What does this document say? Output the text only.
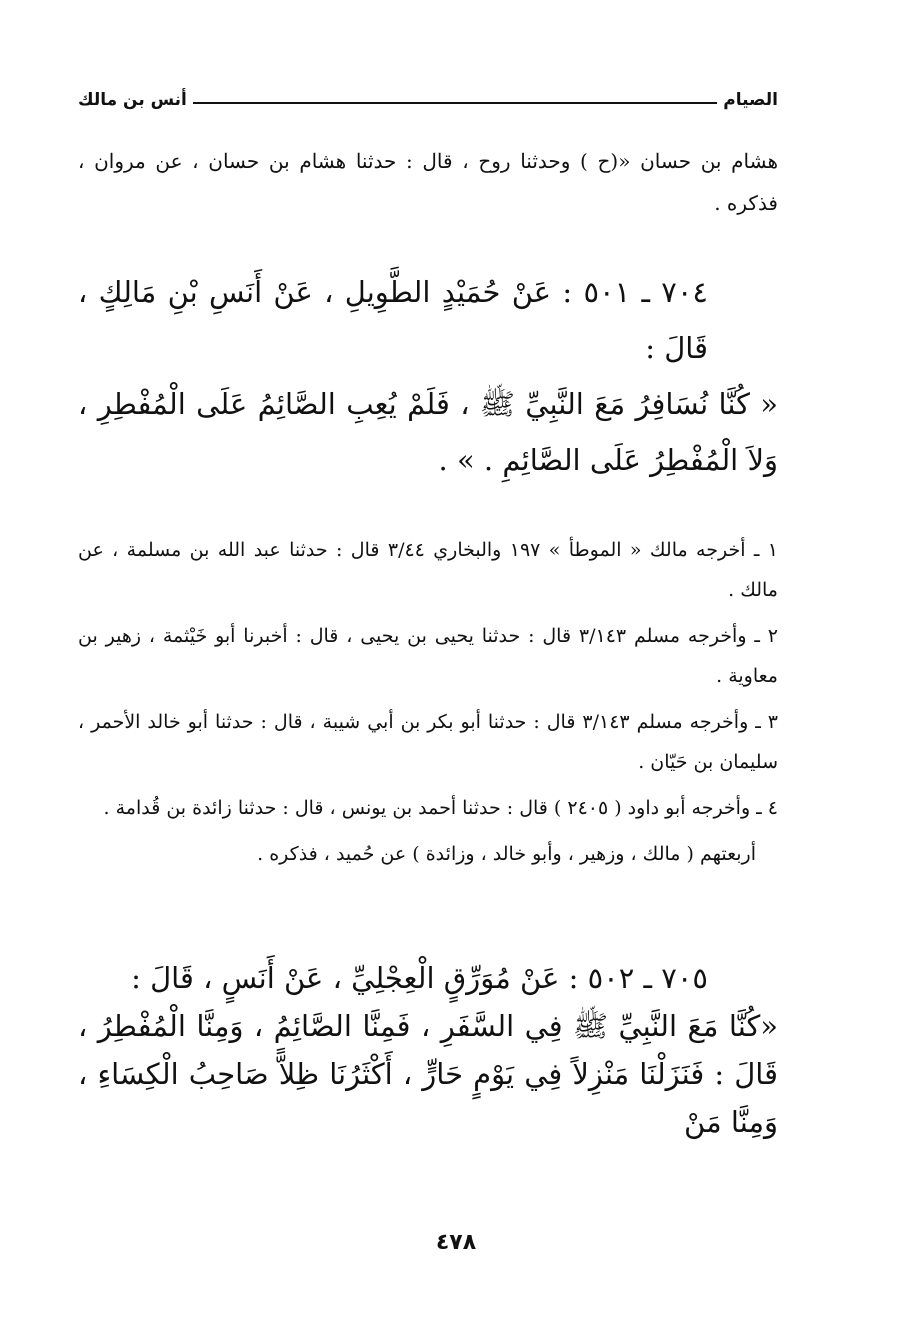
الصيام
أنس بن مالك
هشام بن حسان «(ح ) وحدثنا روح ، قال : حدثنا هشام بن حسان ، عن مروان ، فذكره .
٧٠٤ ـ ٥٠١ : عَنْ حُمَيْدٍ الطَّوِيلِ ، عَنْ أَنَسِ بْنِ مَالِكٍ ، قَالَ :
« كُنَّا نُسَافِرُ مَعَ النَّبِيِّ ﷺ ، فَلَمْ يُعِبِ الصَّائِمُ عَلَى الْمُفْطِرِ ، وَلاَ الْمُفْطِرُ عَلَى الصَّائِمِ . » .
١ ـ أخرجه مالك « الموطأ » ١٩٧ والبخاري ٣/٤٤ قال : حدثنا عبد الله بن مسلمة ، عن مالك .
٢ ـ وأخرجه مسلم ٣/١٤٣ قال : حدثنا يحيى بن يحيى ، قال : أخبرنا أبو خَيْثمة ، زهير بن معاوية .
٣ ـ وأخرجه مسلم ٣/١٤٣ قال : حدثنا أبو بكر بن أبي شيبة ، قال : حدثنا أبو خالد الأحمر ، سليمان بن حَيّان .
٤ ـ وأخرجه أبو داود ( ٢٤٠٥ ) قال : حدثنا أحمد بن يونس ، قال : حدثنا زائدة بن قُدامة .
أربعتهم ( مالك ، وزهير ، وأبو خالد ، وزائدة ) عن حُميد ، فذكره .
٧٠٥ ـ ٥٠٢ : عَنْ مُوَرِّقٍ الْعِجْلِيِّ ، عَنْ أَنَسٍ ، قَالَ :
«كُنَّا مَعَ النَّبِيِّ ﷺ فِي السَّفَرِ ، فَمِنَّا الصَّائِمُ ، وَمِنَّا الْمُفْطِرُ ، قَالَ : فَنَزَلْنَا مَنْزِلاً فِي يَوْمٍ حَارٍّ ، أَكْثَرُنَا ظِلاًّ صَاحِبُ الْكِسَاءِ ، وَمِنَّا مَنْ
٤٧٨
